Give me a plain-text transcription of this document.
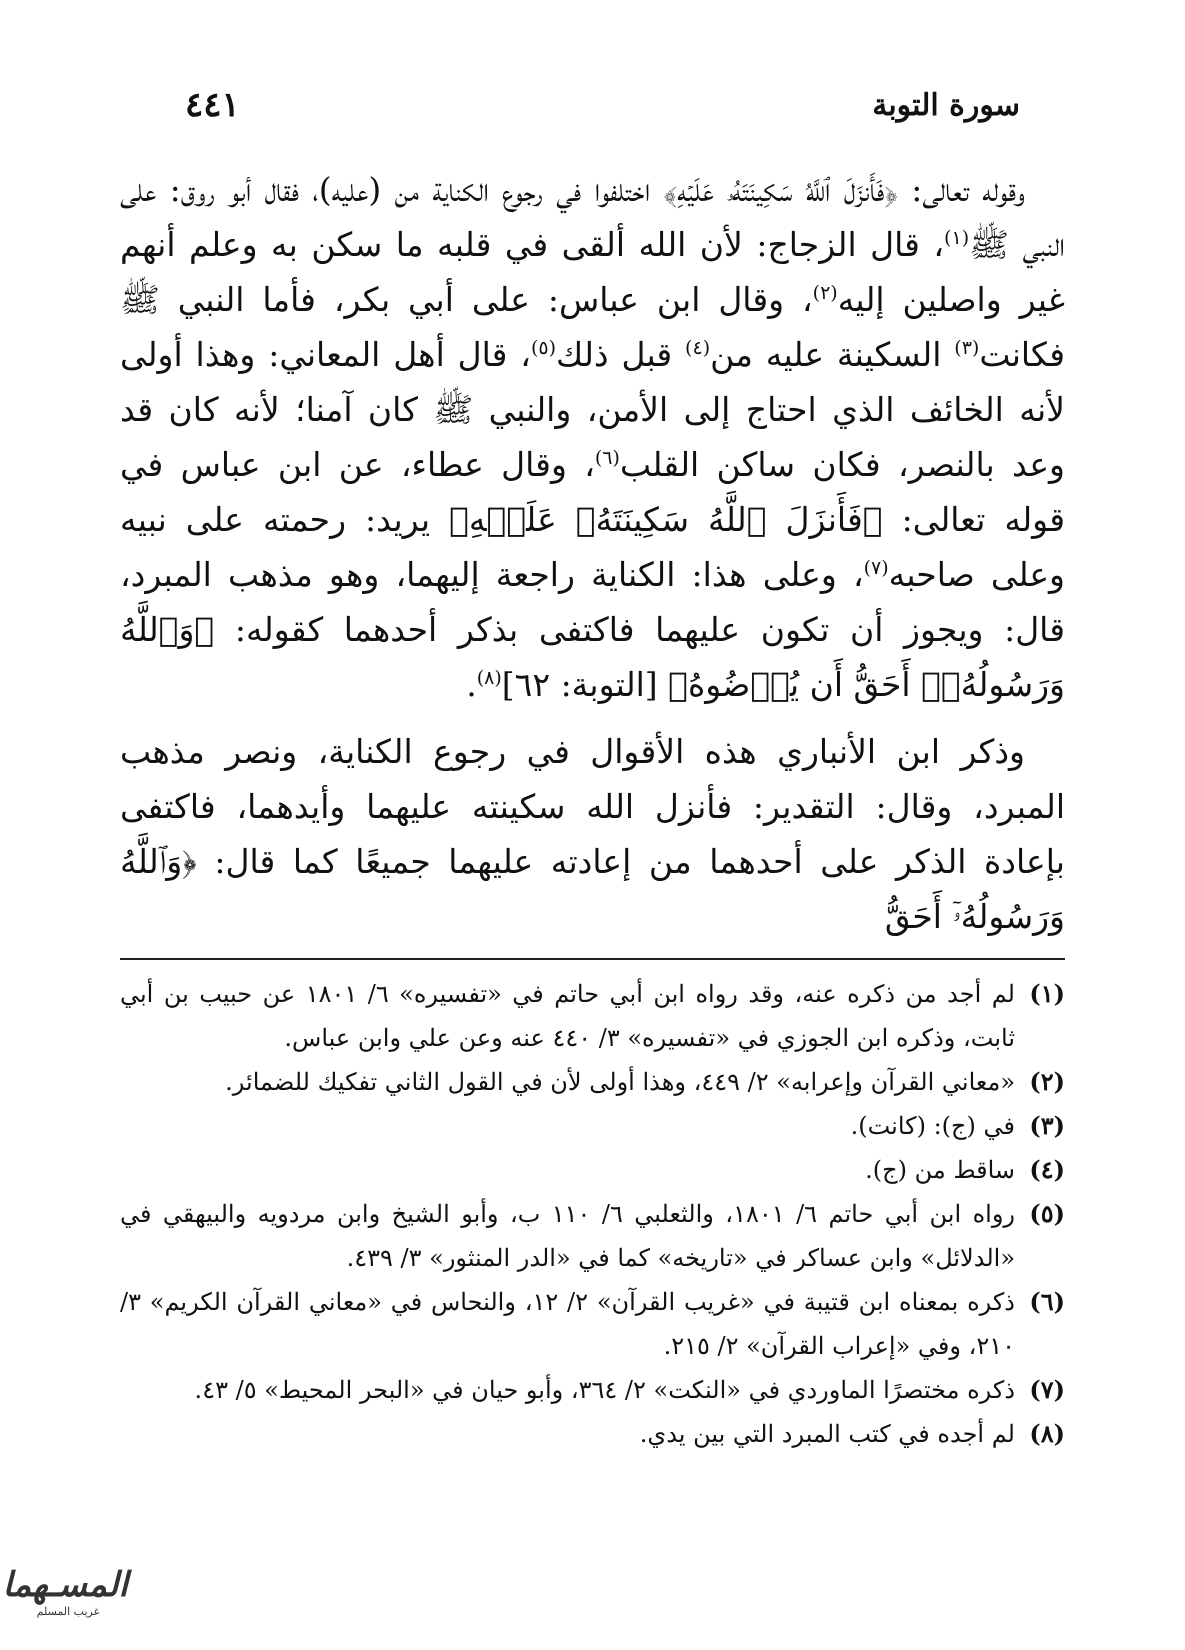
سورة التوبة
٤٤١

وقوله تعالى: ﴿فَأَنزَلَ ٱللَّهُ سَكِينَتَهُۥ عَلَيۡهِ﴾ اختلفوا في رجوع الكناية من (عليه)، فقال أبو روق: على النبي ﷺ$^{(١)}$، قال الزجاج: لأن الله ألقى في قلبه ما سكن به وعلم أنهم غير واصلين إليه$^{(٢)}$، وقال ابن عباس: على أبي بكر، فأما النبي ﷺ فكانت$^{(٣)}$ السكينة عليه من$^{(٤)}$ قبل ذلك$^{(٥)}$، قال أهل المعاني: وهذا أولى لأنه الخائف الذي احتاج إلى الأمن، والنبي ﷺ كان آمنا؛ لأنه كان قد وعد بالنصر، فكان ساكن القلب$^{(٦)}$، وقال عطاء، عن ابن عباس في قوله تعالى: ﴿فَأَنزَلَ ٱللَّهُ سَكِينَتَهُۥ عَلَيۡهِ﴾ يريد: رحمته على نبيه وعلى صاحبه$^{(٧)}$، وعلى هذا: الكناية راجعة إليهما، وهو مذهب المبرد، قال: ويجوز أن تكون عليهما فاكتفى بذكر أحدهما كقوله: ﴿وَٱللَّهُ وَرَسُولُهُۥٓ أَحَقُّ أَن يُرۡضُوهُ﴾ [التوبة: ٦٢]$^{(٨)}$.

وذكر ابن الأنباري هذه الأقوال في رجوع الكناية، ونصر مذهب المبرد، وقال: التقدير: فأنزل الله سكينته عليهما وأيدهما، فاكتفى بإعادة الذكر على أحدهما من إعادته عليهما جميعًا كما قال: ﴿وَٱللَّهُ وَرَسُولُهُۥٓ أَحَقُّ

(١)
لم أجد من ذكره عنه، وقد رواه ابن أبي حاتم في «تفسيره» ٦/ ١٨٠١ عن حبيب بن أبي ثابت، وذكره ابن الجوزي في «تفسيره» ٣/ ٤٤٠ عنه وعن علي وابن عباس.
(٢)
«معاني القرآن وإعرابه» ٢/ ٤٤٩، وهذا أولى لأن في القول الثاني تفكيك للضمائر.
(٣)
في (ج): (كانت).
(٤)
ساقط من (ج).
(٥)
رواه ابن أبي حاتم ٦/ ١٨٠١، والثعلبي ٦/ ١١٠ ب، وأبو الشيخ وابن مردويه والبيهقي في «الدلائل» وابن عساكر في «تاريخه» كما في «الدر المنثور» ٣/ ٤٣٩.
(٦)
ذكره بمعناه ابن قتيبة في «غريب القرآن» ٢/ ١٢، والنحاس في «معاني القرآن الكريم» ٣/ ٢١٠، وفي «إعراب القرآن» ٢/ ٢١٥.
(٧)
ذكره مختصرًا الماوردي في «النكت» ٢/ ٣٦٤، وأبو حيان في «البحر المحيط» ٥/ ٤٣.
(٨)
لم أجده في كتب المبرد التي بين يدي.
المسـهما
غريب المسلم
